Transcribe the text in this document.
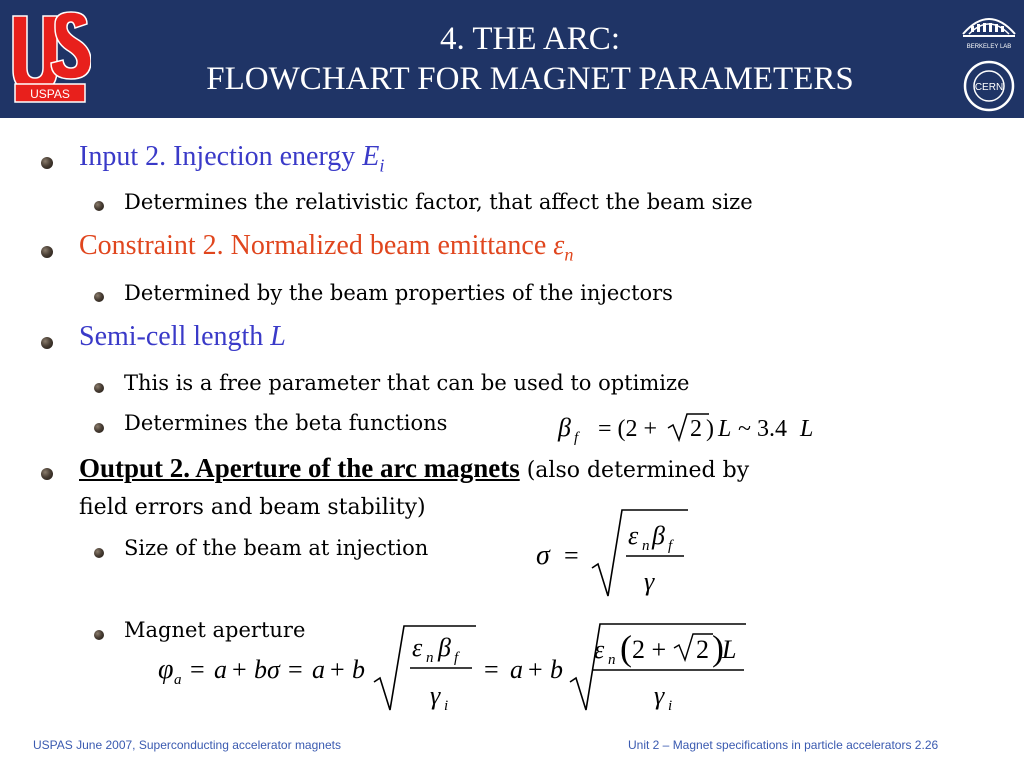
USPAS
4. THE ARC:
FLOWCHART FOR MAGNET PARAMETERS
BERKELEY LAB
CERN
Input 2. Injection energy $E_i$
Determines the relativistic factor, that affect the beam size
Constraint 2. Normalized beam emittance $\varepsilon_n$
Determined by the beam properties of the injectors
Semi-cell length L
This is a free parameter that can be used to optimize
Determines the beta functions	β f = (2 + 2 ) L ~ 3.4 L
Output 2. Aperture of the arc magnets (also determined by
field errors and beam stability)
Size of the beam at injection	σ =
ε n β f
γ
Magnet aperture
φ a = a + bσ = a + b
ε n β f
γ i
= a + b
ε n ( 2 + 2 )
L
γ i
USPAS June 2007, Superconducting accelerator magnets	Unit 2 – Magnet specifications in particle accelerators 2.26
